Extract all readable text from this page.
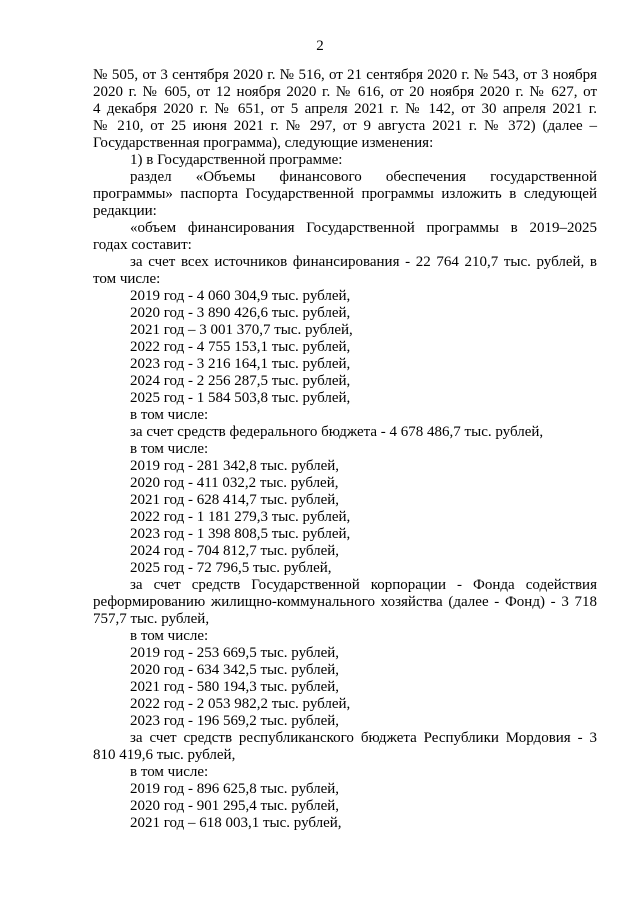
2
№ 505, от 3 сентября 2020 г. № 516, от 21 сентября 2020 г. № 543, от 3 ноября
2020 г. № 605, от 12 ноября 2020 г. № 616, от 20 ноября 2020 г. № 627, от
4 декабря 2020 г. № 651, от 5 апреля 2021 г. № 142, от 30 апреля 2021 г.
№ 210, от 25 июня 2021 г. № 297, от 9 августа 2021 г. № 372) (далее –
Государственная программа), следующие изменения:
1) в Государственной программе:
раздел «Объемы финансового обеспечения государственной
программы» паспорта Государственной программы изложить в следующей
редакции:
«объем финансирования Государственной программы в 2019–2025
годах составит:
за счет всех источников финансирования - 22 764 210,7 тыс. рублей, в
том числе:
2019 год - 4 060 304,9 тыс. рублей,
2020 год - 3 890 426,6 тыс. рублей,
2021 год – 3 001 370,7 тыс. рублей,
2022 год - 4 755 153,1 тыс. рублей,
2023 год - 3 216 164,1 тыс. рублей,
2024 год - 2 256 287,5 тыс. рублей,
2025 год - 1 584 503,8 тыс. рублей,
в том числе:
за счет средств федерального бюджета - 4 678 486,7 тыс. рублей,
в том числе:
2019 год - 281 342,8 тыс. рублей,
2020 год - 411 032,2 тыс. рублей,
2021 год - 628 414,7 тыс. рублей,
2022 год - 1 181 279,3 тыс. рублей,
2023 год - 1 398 808,5 тыс. рублей,
2024 год - 704 812,7 тыс. рублей,
2025 год - 72 796,5 тыс. рублей,
за счет средств Государственной корпорации - Фонда содействия
реформированию жилищно-коммунального хозяйства (далее - Фонд) - 3 718
757,7 тыс. рублей,
в том числе:
2019 год - 253 669,5 тыс. рублей,
2020 год - 634 342,5 тыс. рублей,
2021 год - 580 194,3 тыс. рублей,
2022 год - 2 053 982,2 тыс. рублей,
2023 год - 196 569,2 тыс. рублей,
за счет средств республиканского бюджета Республики Мордовия - 3
810 419,6 тыс. рублей,
в том числе:
2019 год - 896 625,8 тыс. рублей,
2020 год - 901 295,4 тыс. рублей,
2021 год – 618 003,1 тыс. рублей,
